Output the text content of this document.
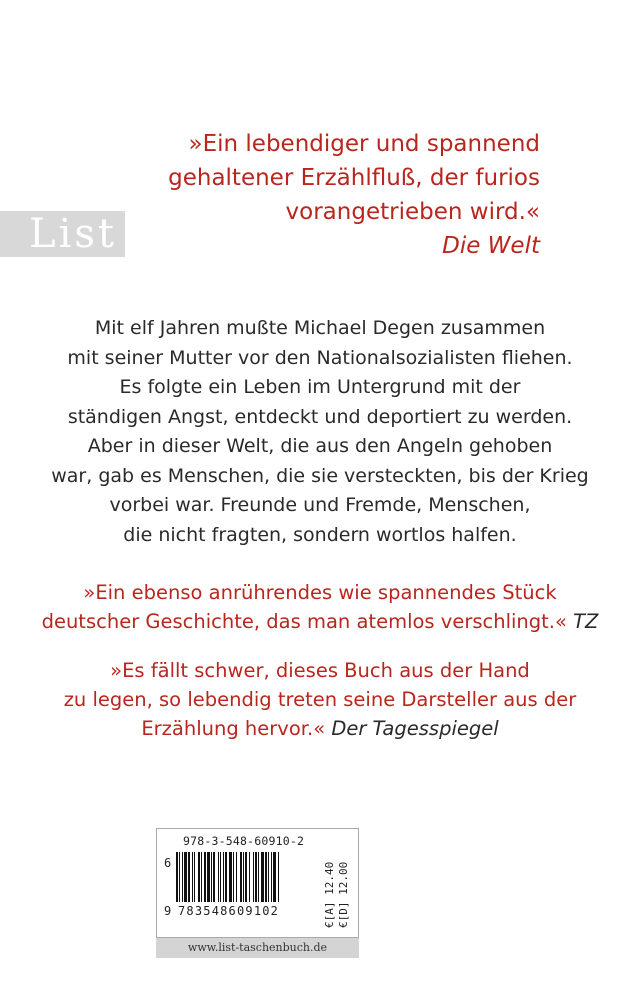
List
»Ein lebendiger und spannend
gehaltener Erzählfluß, der furios
vorangetrieben wird.«
Die Welt
Mit elf Jahren mußte Michael Degen zusammen
mit seiner Mutter vor den Nationalsozialisten fliehen.
Es folgte ein Leben im Untergrund mit der
ständigen Angst, entdeckt und deportiert zu werden.
Aber in dieser Welt, die aus den Angeln gehoben
war, gab es Menschen, die sie versteckten, bis der Krieg
vorbei war. Freunde und Fremde, Menschen,
die nicht fragten, sondern wortlos halfen.
»Ein ebenso anrührendes wie spannendes Stück
deutscher Geschichte, das man atemlos verschlingt.« TZ
»Es fällt schwer, dieses Buch aus der Hand
zu legen, so lebendig treten seine Darsteller aus der
Erzählung hervor.« Der Tagesspiegel
978-3-548-60910-2
6
9 783548609102	€[D] 12.00
€[A] 12.40
www.list-taschenbuch.de
